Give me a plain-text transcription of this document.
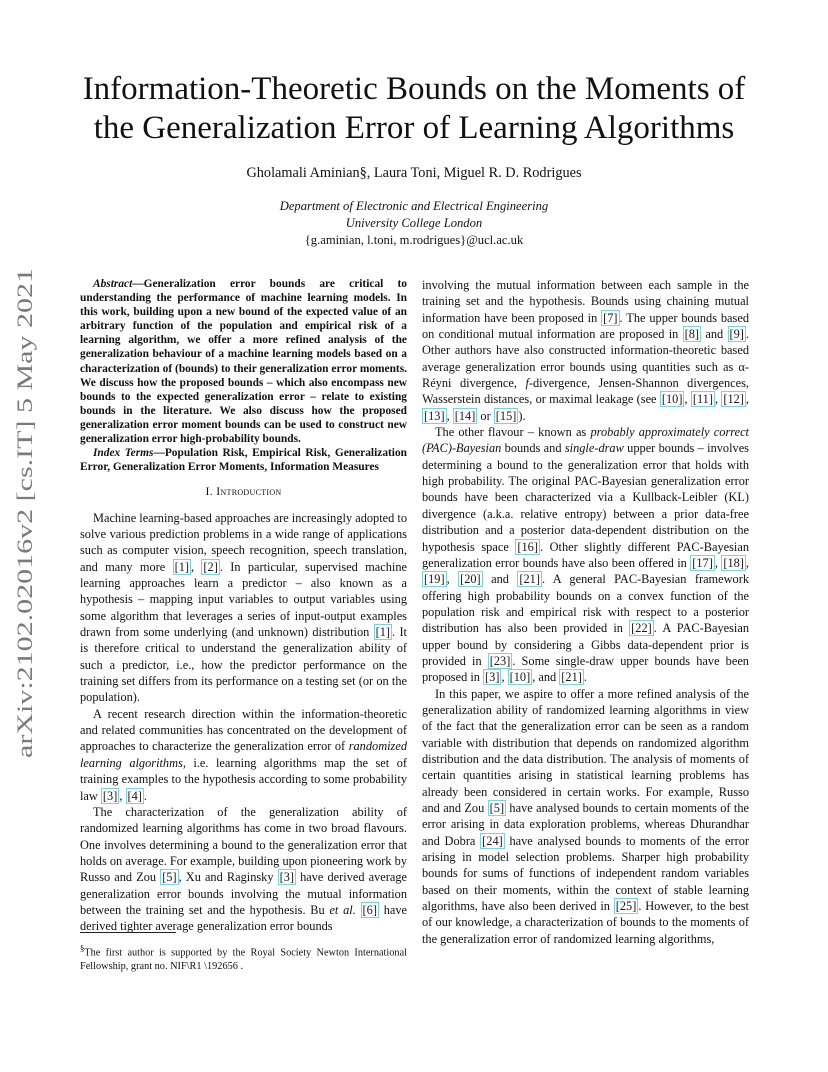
arXiv:2102.02016v2 [cs.IT] 5 May 2021
Information-Theoretic Bounds on the Moments of the Generalization Error of Learning Algorithms
Gholamali Aminian§, Laura Toni, Miguel R. D. Rodrigues
Department of Electronic and Electrical Engineering
University College London
{g.aminian, l.toni, m.rodrigues}@ucl.ac.uk

Abstract—Generalization error bounds are critical to understanding the performance of machine learning models. In this work, building upon a new bound of the expected value of an arbitrary function of the population and empirical risk of a learning algorithm, we offer a more refined analysis of the generalization behaviour of a machine learning models based on a characterization of (bounds) to their generalization error moments. We discuss how the proposed bounds – which also encompass new bounds to the expected generalization error – relate to existing bounds in the literature. We also discuss how the proposed generalization error moment bounds can be used to construct new generalization error high-probability bounds.

Index Terms—Population Risk, Empirical Risk, Generalization Error, Generalization Error Moments, Information Measures

I. Introduction

Machine learning-based approaches are increasingly adopted to solve various prediction problems in a wide range of applications such as computer vision, speech recognition, speech translation, and many more [1] , [2] . In particular, supervised machine learning approaches learn a predictor – also known as a hypothesis – mapping input variables to output variables using some algorithm that leverages a series of input-output examples drawn from some underlying (and unknown) distribution [1] . It is therefore critical to understand the generalization ability of such a predictor, i.e., how the predictor performance on the training set differs from its performance on a testing set (or on the population).

A recent research direction within the information-theoretic and related communities has concentrated on the development of approaches to characterize the generalization error of randomized learning algorithms, i.e. learning algorithms map the set of training examples to the hypothesis according to some probability law [3] , [4] .

The characterization of the generalization ability of randomized learning algorithms has come in two broad flavours. One involves determining a bound to the generalization error that holds on average. For example, building upon pioneering work by Russo and Zou [5] , Xu and Raginsky [3] have derived average generalization error bounds involving the mutual information between the training set and the hypothesis. Bu et al. [6] have derived tighter average generalization error bounds

§The first author is supported by the Royal Society Newton International Fellowship, grant no. NIF\R1 \192656 .

involving the mutual information between each sample in the training set and the hypothesis. Bounds using chaining mutual information have been proposed in [7] . The upper bounds based on conditional mutual information are proposed in [8] and [9] . Other authors have also constructed information-theoretic based average generalization error bounds using quantities such as α-Réyni divergence, f-divergence, Jensen-Shannon divergences, Wasserstein distances, or maximal leakage (see [10] , [11] , [12] , [13] , [14] or [15] ).

The other flavour – known as probably approximately correct (PAC)-Bayesian bounds and single-draw upper bounds – involves determining a bound to the generalization error that holds with high probability. The original PAC-Bayesian generalization error bounds have been characterized via a Kullback-Leibler (KL) divergence (a.k.a. relative entropy) between a prior data-free distribution and a posterior data-dependent distribution on the hypothesis space [16] . Other slightly different PAC-Bayesian generalization error bounds have also been offered in [17] , [18] , [19] , [20] and [21] . A general PAC-Bayesian framework offering high probability bounds on a convex function of the population risk and empirical risk with respect to a posterior distribution has also been provided in [22] . A PAC-Bayesian upper bound by considering a Gibbs data-dependent prior is provided in [23] . Some single-draw upper bounds have been proposed in [3] , [10] , and [21] .

In this paper, we aspire to offer a more refined analysis of the generalization ability of randomized learning algorithms in view of the fact that the generalization error can be seen as a random variable with distribution that depends on randomized algorithm distribution and the data distribution. The analysis of moments of certain quantities arising in statistical learning problems has already been considered in certain works. For example, Russo and and Zou [5] have analysed bounds to certain moments of the error arising in data exploration problems, whereas Dhurandhar and Dobra [24] have analysed bounds to moments of the error arising in model selection problems. Sharper high probability bounds for sums of functions of independent random variables based on their moments, within the context of stable learning algorithms, have also been derived in [25] . However, to the best of our knowledge, a characterization of bounds to the moments of the generalization error of randomized learning algorithms,
